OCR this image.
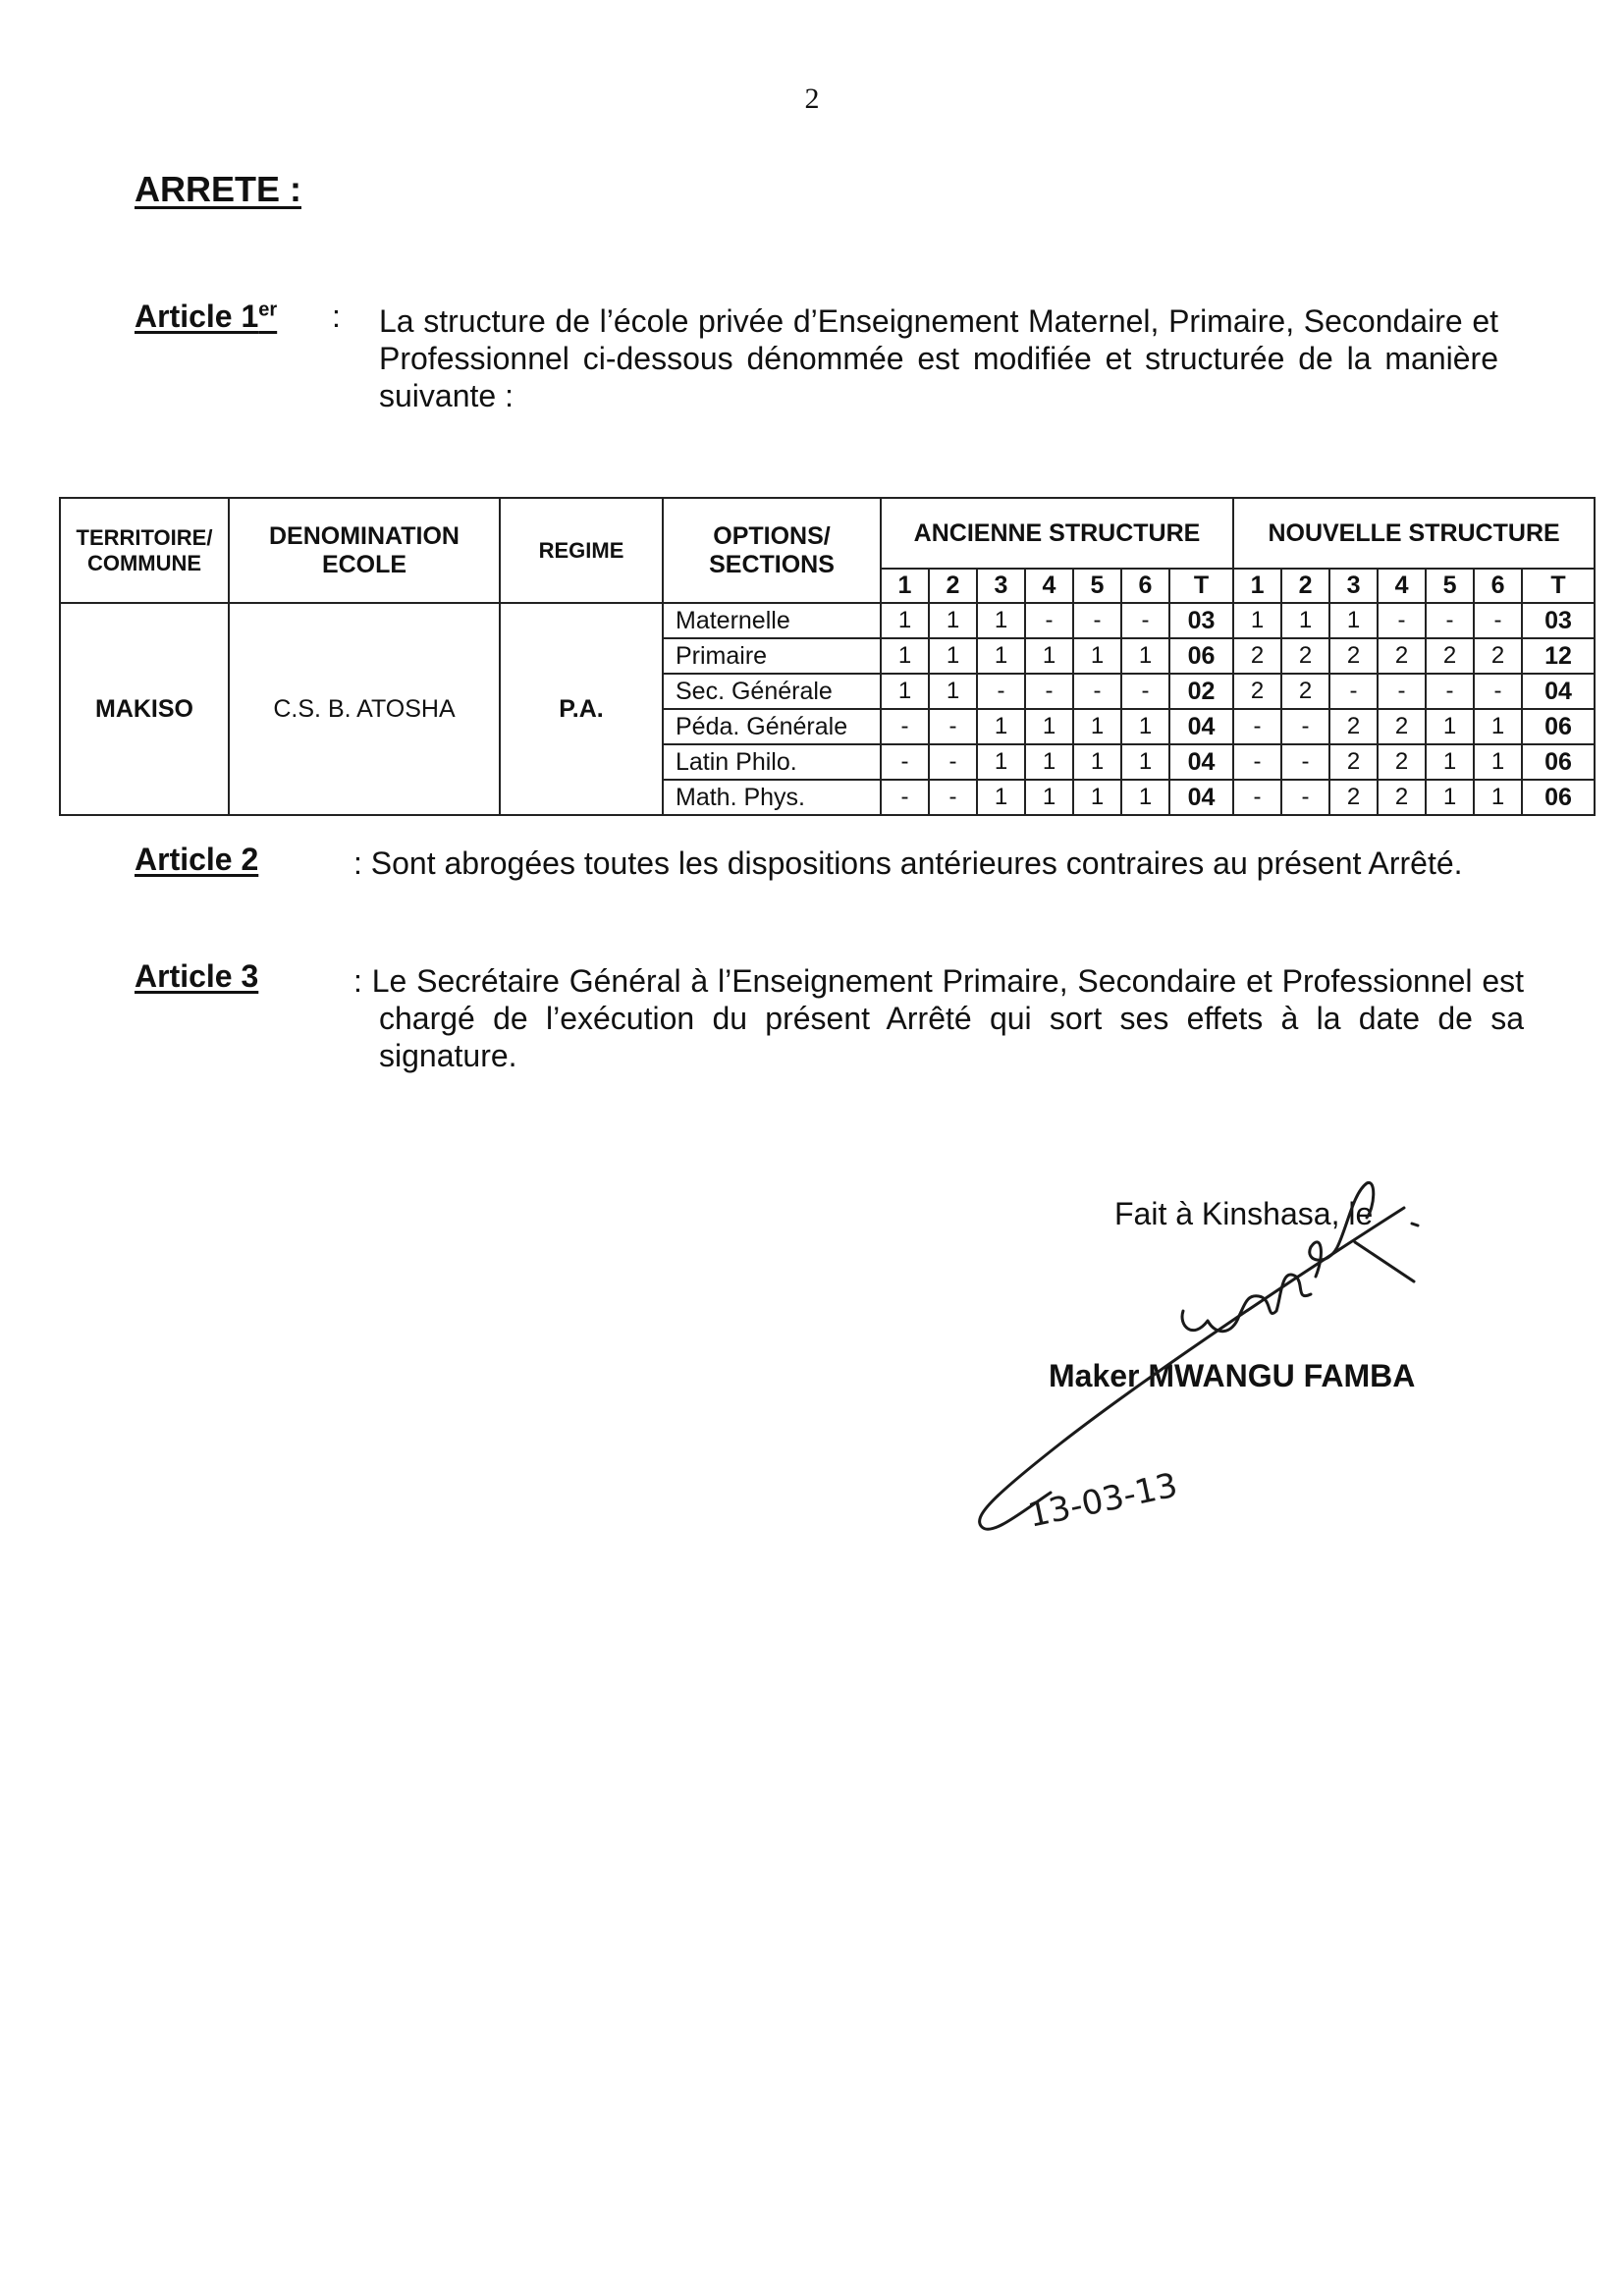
2
ARRETE :
Article 1er : La structure de l’école privée d’Enseignement Maternel, Primaire, Secondaire et Professionnel ci-dessous dénommée est modifiée et structurée de la manière suivante :
TERRITOIRE/ COMMUNE	DENOMINATION ECOLE	REGIME	OPTIONS/ SECTIONS	ANCIENNE STRUCTURE							NOUVELLE STRUCTURE						
				1	2	3	4	5	6	T	1	2	3	4	5	6	T
MAKISO	C.S. B. ATOSHA	P.A.	Maternelle	1	1	1	-	-	-	03	1	1	1	-	-	-	03
			Primaire	1	1	1	1	1	1	06	2	2	2	2	2	2	12
			Sec. Générale	1	1	-	-	-	-	02	2	2	-	-	-	-	04
			Péda. Générale	-	-	1	1	1	1	04	-	-	2	2	1	1	06
			Latin Philo.	-	-	1	1	1	1	04	-	-	2	2	1	1	06
			Math. Phys.	-	-	1	1	1	1	04	-	-	2	2	1	1	06
Article 2	: Sont abrogées toutes les dispositions antérieures contraires au présent Arrêté.
Article 3	: Le Secrétaire Général à l’Enseignement Primaire, Secondaire et Professionnel est chargé de l’exécution du présent Arrêté qui sort ses effets à la date de sa signature.
Fait à Kinshasa, le
Maker MWANGU FAMBA
13-03-13
